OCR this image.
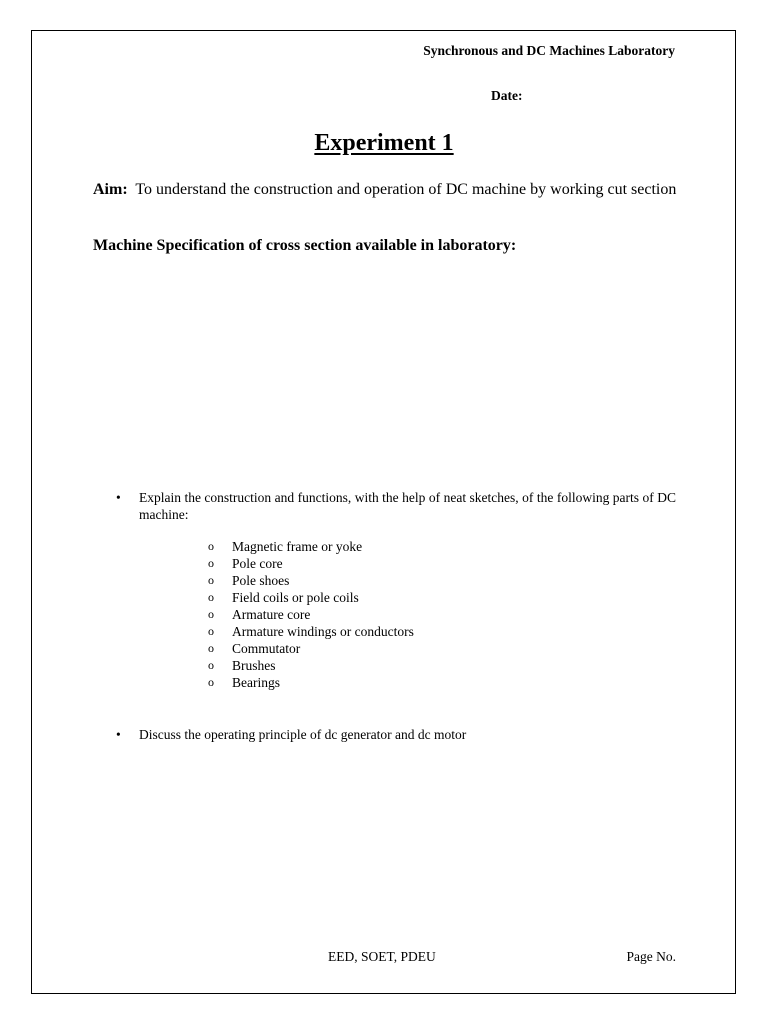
Synchronous and DC Machines Laboratory
Date:
Experiment 1
Aim: To understand the construction and operation of DC machine by working cut section
Machine Specification of cross section available in laboratory:
•	Explain the construction and functions, with the help of neat sketches, of the following parts of DC machine:
o	Magnetic frame or yoke
o	Pole core
o	Pole shoes
o	Field coils or pole coils
o	Armature core
o	Armature windings or conductors
o	Commutator
o	Brushes
o	Bearings
•	Discuss the operating principle of dc generator and dc motor
EED, SOET, PDEU	Page No.
